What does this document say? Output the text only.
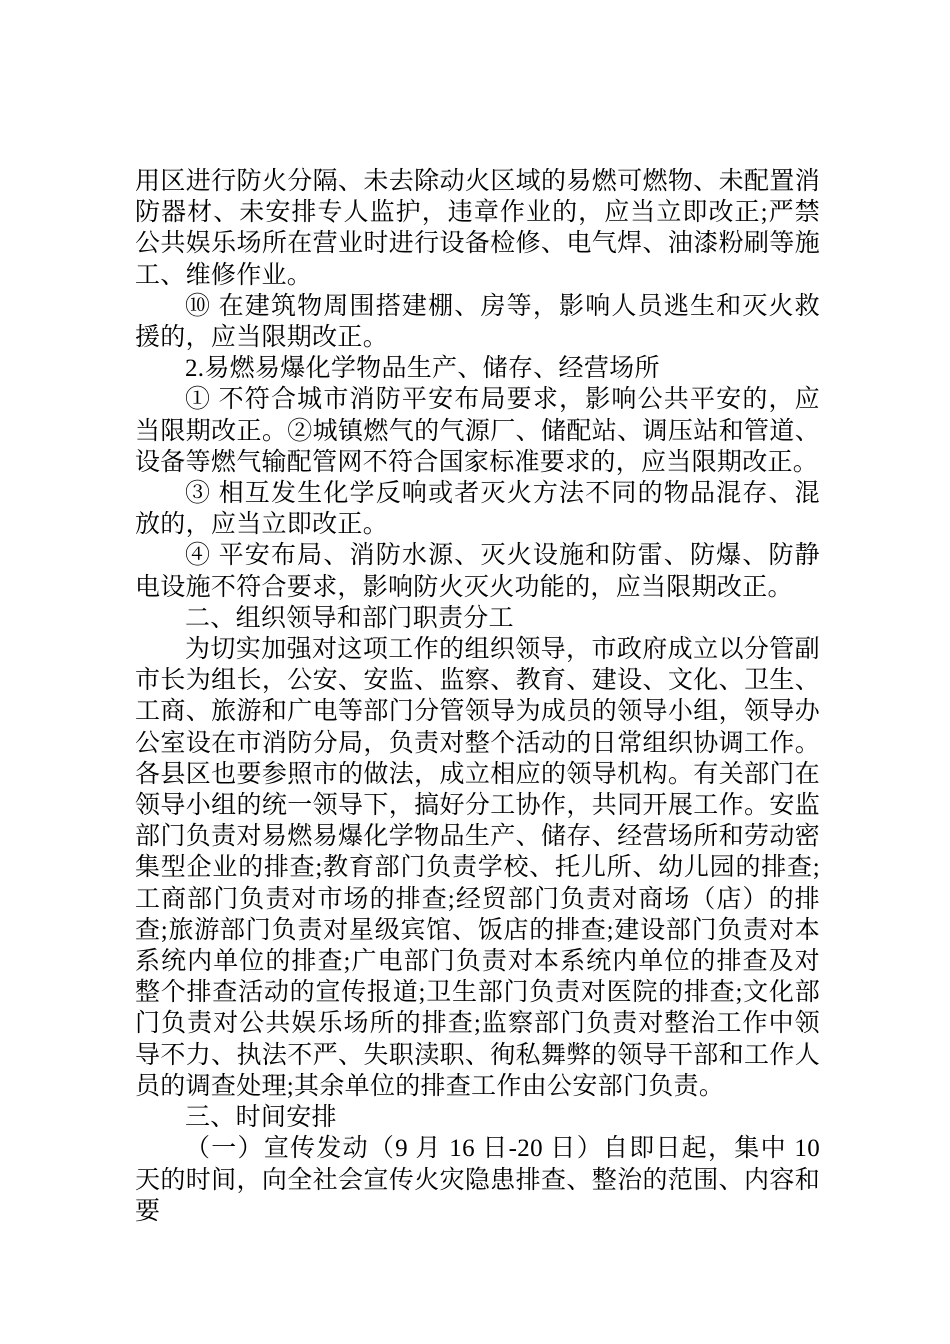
用区进行防火分隔、未去除动火区域的易燃可燃物、未配置消防器材、未安排专人监护，违章作业的，应当立即改正;严禁公共娱乐场所在营业时进行设备检修、电气焊、油漆粉刷等施工、维修作业。

⑩ 在建筑物周围搭建棚、房等，影响人员逃生和灭火救援的，应当限期改正。

2.易燃易爆化学物品生产、储存、经营场所

① 不符合城市消防平安布局要求，影响公共平安的，应当限期改正。②城镇燃气的气源厂、储配站、调压站和管道、设备等燃气输配管网不符合国家标准要求的，应当限期改正。

③ 相互发生化学反响或者灭火方法不同的物品混存、混放的，应当立即改正。

④ 平安布局、消防水源、灭火设施和防雷、防爆、防静电设施不符合要求，影响防火灭火功能的，应当限期改正。

二、组织领导和部门职责分工

为切实加强对这项工作的组织领导，市政府成立以分管副市长为组长，公安、安监、监察、教育、建设、文化、卫生、工商、旅游和广电等部门分管领导为成员的领导小组，领导办公室设在市消防分局，负责对整个活动的日常组织协调工作。各县区也要参照市的做法，成立相应的领导机构。有关部门在领导小组的统一领导下，搞好分工协作，共同开展工作。安监部门负责对易燃易爆化学物品生产、储存、经营场所和劳动密集型企业的排查;教育部门负责学校、托儿所、幼儿园的排查;工商部门负责对市场的排查;经贸部门负责对商场（店）的排查;旅游部门负责对星级宾馆、饭店的排查;建设部门负责对本系统内单位的排查;广电部门负责对本系统内单位的排查及对整个排查活动的宣传报道;卫生部门负责对医院的排查;文化部门负责对公共娱乐场所的排查;监察部门负责对整治工作中领导不力、执法不严、失职渎职、徇私舞弊的领导干部和工作人员的调查处理;其余单位的排查工作由公安部门负责。

三、时间安排

（一）宣传发动（9 月 16 日-20 日）自即日起，集中 10 天的时间，向全社会宣传火灾隐患排查、整治的范围、内容和要
